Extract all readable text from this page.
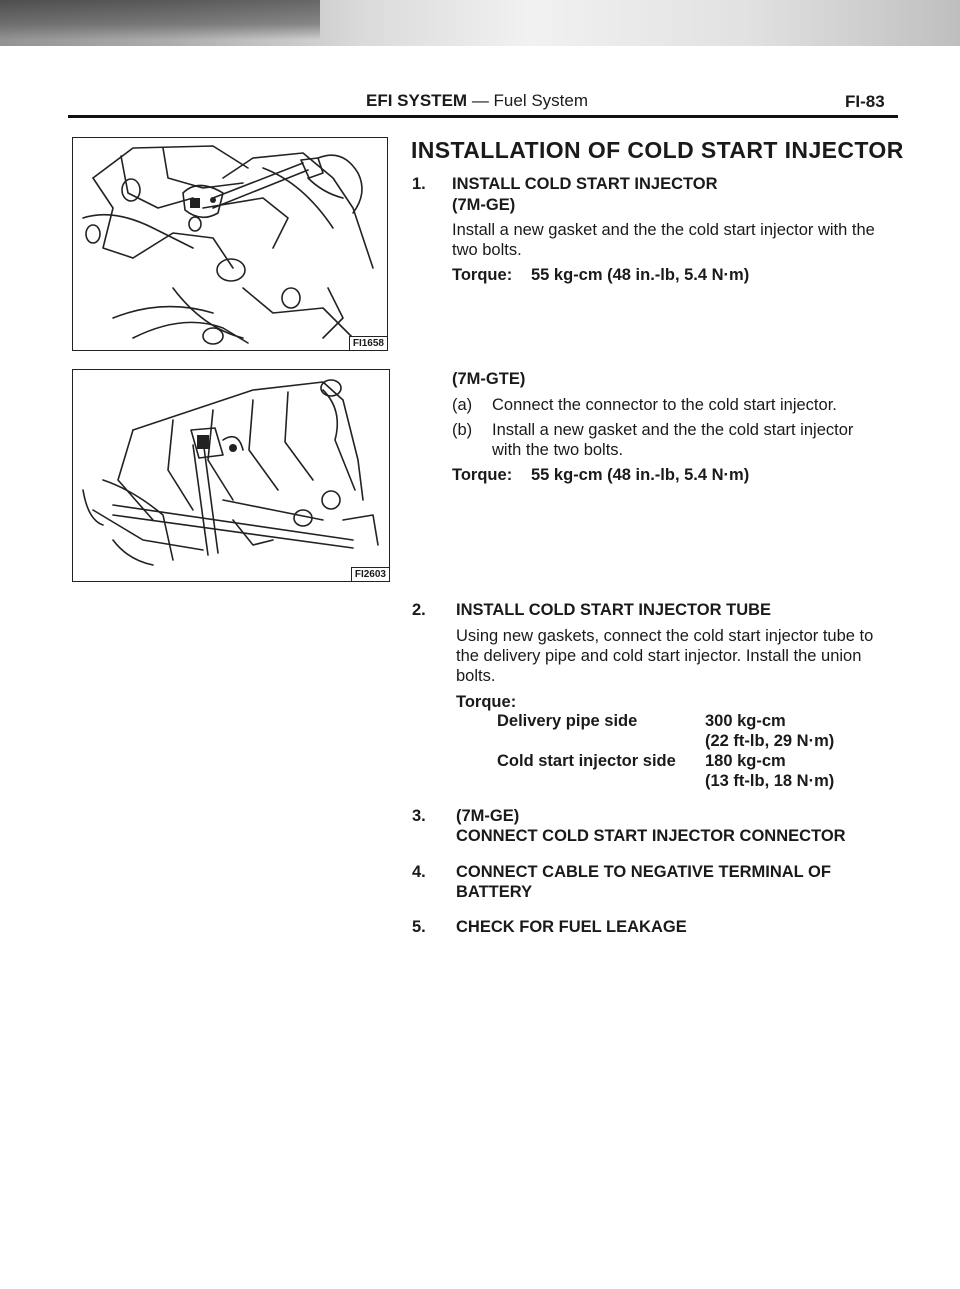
EFI SYSTEM — Fuel System	FI-83
FI1658
FI2603
INSTALLATION OF COLD START INJECTOR
1. INSTALL COLD START INJECTOR
(7M-GE)
Install a new gasket and the the cold start injector with the
two bolts.
Torque: 55 kg-cm (48 in.-lb, 5.4 N·m)
(7M-GTE)
(a) Connect the connector to the cold start injector.
(b) Install a new gasket and the the cold start injector
with the two bolts.
Torque: 55 kg-cm (48 in.-lb, 5.4 N·m)
2. INSTALL COLD START INJECTOR TUBE
Using new gaskets, connect the cold start injector tube to
the delivery pipe and cold start injector. Install the union
bolts.
Torque:
Delivery pipe side	300 kg-cm
(22 ft-lb, 29 N·m)
Cold start injector side 180 kg-cm
(13 ft-lb, 18 N·m)
3. (7M-GE)
CONNECT COLD START INJECTOR CONNECTOR
4. CONNECT CABLE TO NEGATIVE TERMINAL OF
BATTERY
5. CHECK FOR FUEL LEAKAGE
